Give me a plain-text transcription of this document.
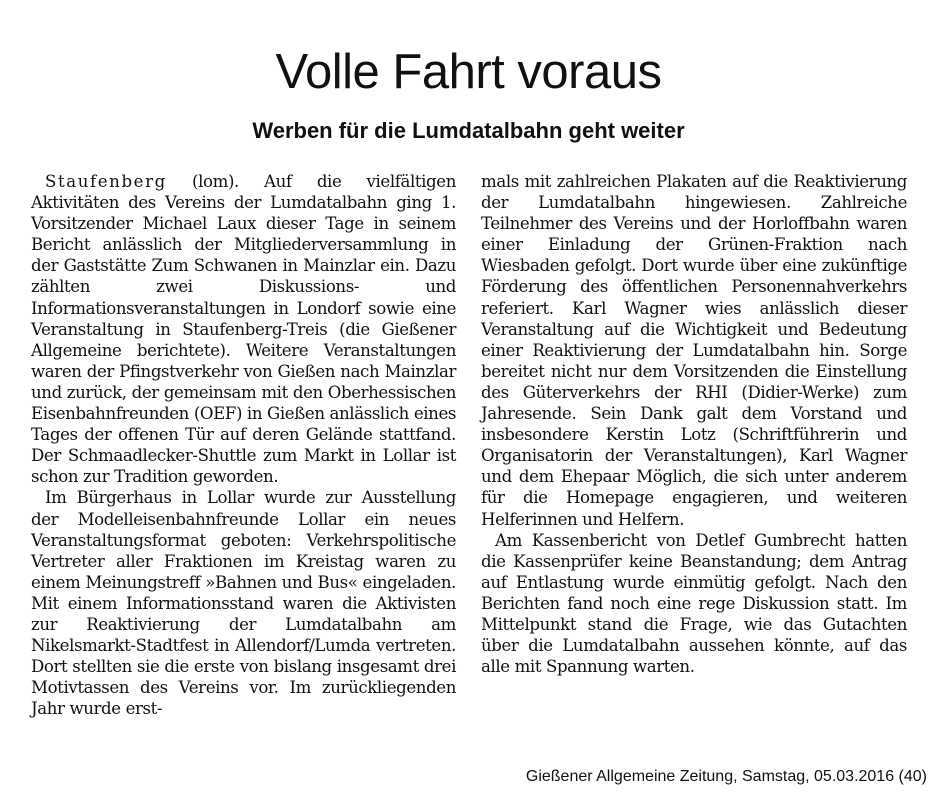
Volle Fahrt voraus
Werben für die Lumdatalbahn geht weiter

Staufenberg (lom). Auf die vielfältigen Aktivitäten des Vereins der Lumdatalbahn ging 1. Vorsitzender Michael Laux dieser Tage in seinem Bericht anlässlich der Mitgliederversammlung in der Gaststätte Zum Schwanen in Mainzlar ein. Dazu zählten zwei Diskussions- und Informationsveranstaltungen in Londorf sowie eine Veranstaltung in Staufenberg-Treis (die Gießener Allgemeine berichtete). Weitere Veranstaltungen waren der Pfingstverkehr von Gießen nach Mainzlar und zurück, der gemeinsam mit den Oberhessischen Eisenbahnfreunden (OEF) in Gießen anlässlich eines Tages der offenen Tür auf deren Gelände stattfand. Der Schmaadlecker-Shuttle zum Markt in Lollar ist schon zur Tradition geworden.

Im Bürgerhaus in Lollar wurde zur Ausstellung der Modelleisenbahnfreunde Lollar ein neues Veranstaltungsformat geboten: Verkehrspolitische Vertreter aller Fraktionen im Kreistag waren zu einem Meinungstreff »Bahnen und Bus« eingeladen. Mit einem Informationsstand waren die Aktivisten zur Reaktivierung der Lumdatalbahn am Nikelsmarkt-Stadtfest in Allendorf/Lumda vertreten. Dort stellten sie die erste von bislang insgesamt drei Motivtassen des Vereins vor. Im zurückliegenden Jahr wurde erst-

mals mit zahlreichen Plakaten auf die Reaktivierung der Lumdatalbahn hingewiesen. Zahlreiche Teilnehmer des Vereins und der Horloffbahn waren einer Einladung der Grünen-Fraktion nach Wiesbaden gefolgt. Dort wurde über eine zukünftige Förderung des öffentlichen Personennahverkehrs referiert. Karl Wagner wies anlässlich dieser Veranstaltung auf die Wichtigkeit und Bedeutung einer Reaktivierung der Lumdatalbahn hin. Sorge bereitet nicht nur dem Vorsitzenden die Einstellung des Güterverkehrs der RHI (Didier-Werke) zum Jahresende. Sein Dank galt dem Vorstand und insbesondere Kerstin Lotz (Schriftführerin und Organisatorin der Veranstaltungen), Karl Wagner und dem Ehepaar Möglich, die sich unter anderem für die Homepage engagieren, und weiteren Helferinnen und Helfern.

Am Kassenbericht von Detlef Gumbrecht hatten die Kassenprüfer keine Beanstandung; dem Antrag auf Entlastung wurde einmütig gefolgt. Nach den Berichten fand noch eine rege Diskussion statt. Im Mittelpunkt stand die Frage, wie das Gutachten über die Lumdatalbahn aussehen könnte, auf das alle mit Spannung warten.

Gießener Allgemeine Zeitung, Samstag, 05.03.2016 (40)
